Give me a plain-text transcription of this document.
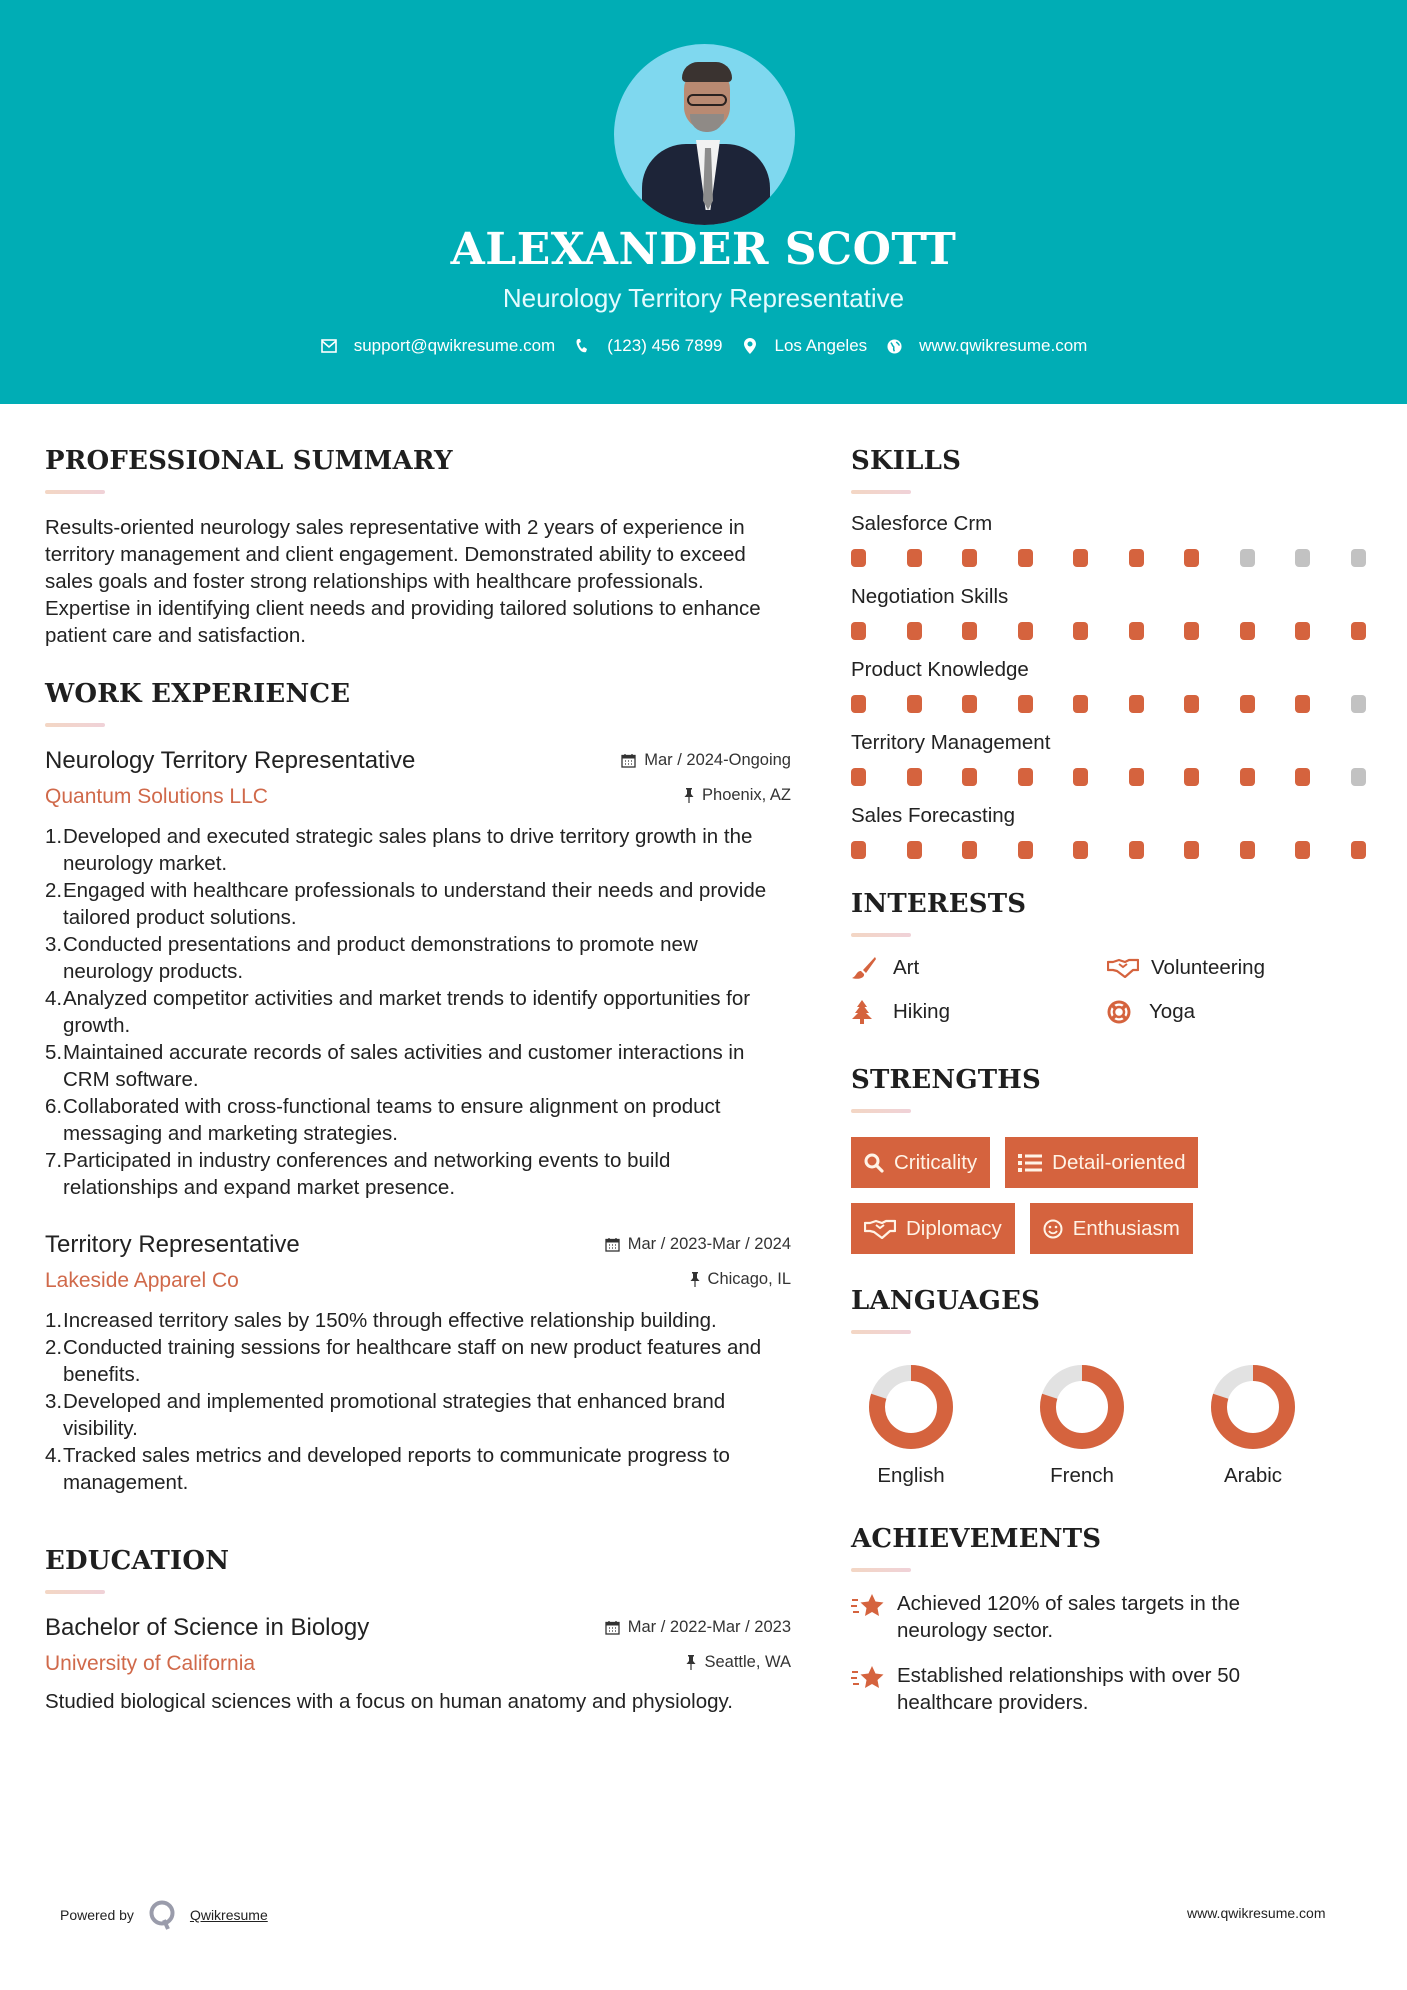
ALEXANDER SCOTT
Neurology Territory Representative
support@qwikresume.com	(123) 456 7899	Los Angeles	www.qwikresume.com
PROFESSIONAL SUMMARY

Results-oriented neurology sales representative with 2 years of experience in territory management and client engagement. Demonstrated ability to exceed sales goals and foster strong relationships with healthcare professionals. Expertise in identifying client needs and providing tailored solutions to enhance patient care and satisfaction.

WORK EXPERIENCE
Neurology Territory Representative	Mar / 2024-Ongoing
Quantum Solutions LLC	Phoenix, AZ
1. Developed and executed strategic sales plans to drive territory growth in the neurology market.
2. Engaged with healthcare professionals to understand their needs and provide tailored product solutions.
3. Conducted presentations and product demonstrations to promote new neurology products.
4. Analyzed competitor activities and market trends to identify opportunities for growth.
5. Maintained accurate records of sales activities and customer interactions in CRM software.
6. Collaborated with cross-functional teams to ensure alignment on product messaging and marketing strategies.
7. Participated in industry conferences and networking events to build relationships and expand market presence.
Territory Representative	Mar / 2023-Mar / 2024
Lakeside Apparel Co	Chicago, IL
1. Increased territory sales by 150% through effective relationship building.
2. Conducted training sessions for healthcare staff on new product features and benefits.
3. Developed and implemented promotional strategies that enhanced brand visibility.
4. Tracked sales metrics and developed reports to communicate progress to management.
EDUCATION
Bachelor of Science in Biology	Mar / 2022-Mar / 2023
University of California	Seattle, WA

Studied biological sciences with a focus on human anatomy and physiology.

SKILLS
Salesforce Crm
Negotiation Skills
Product Knowledge
Territory Management
Sales Forecasting
INTERESTS
Art	Volunteering
Hiking	Yoga
STRENGTHS
Criticality	Detail-oriented
Diplomacy	Enthusiasm
LANGUAGES
English	French	Arabic
ACHIEVEMENTS
Achieved 120% of sales targets in the neurology sector.
Established relationships with over 50 healthcare providers.
Powered by	Qwikresume	www.qwikresume.com
